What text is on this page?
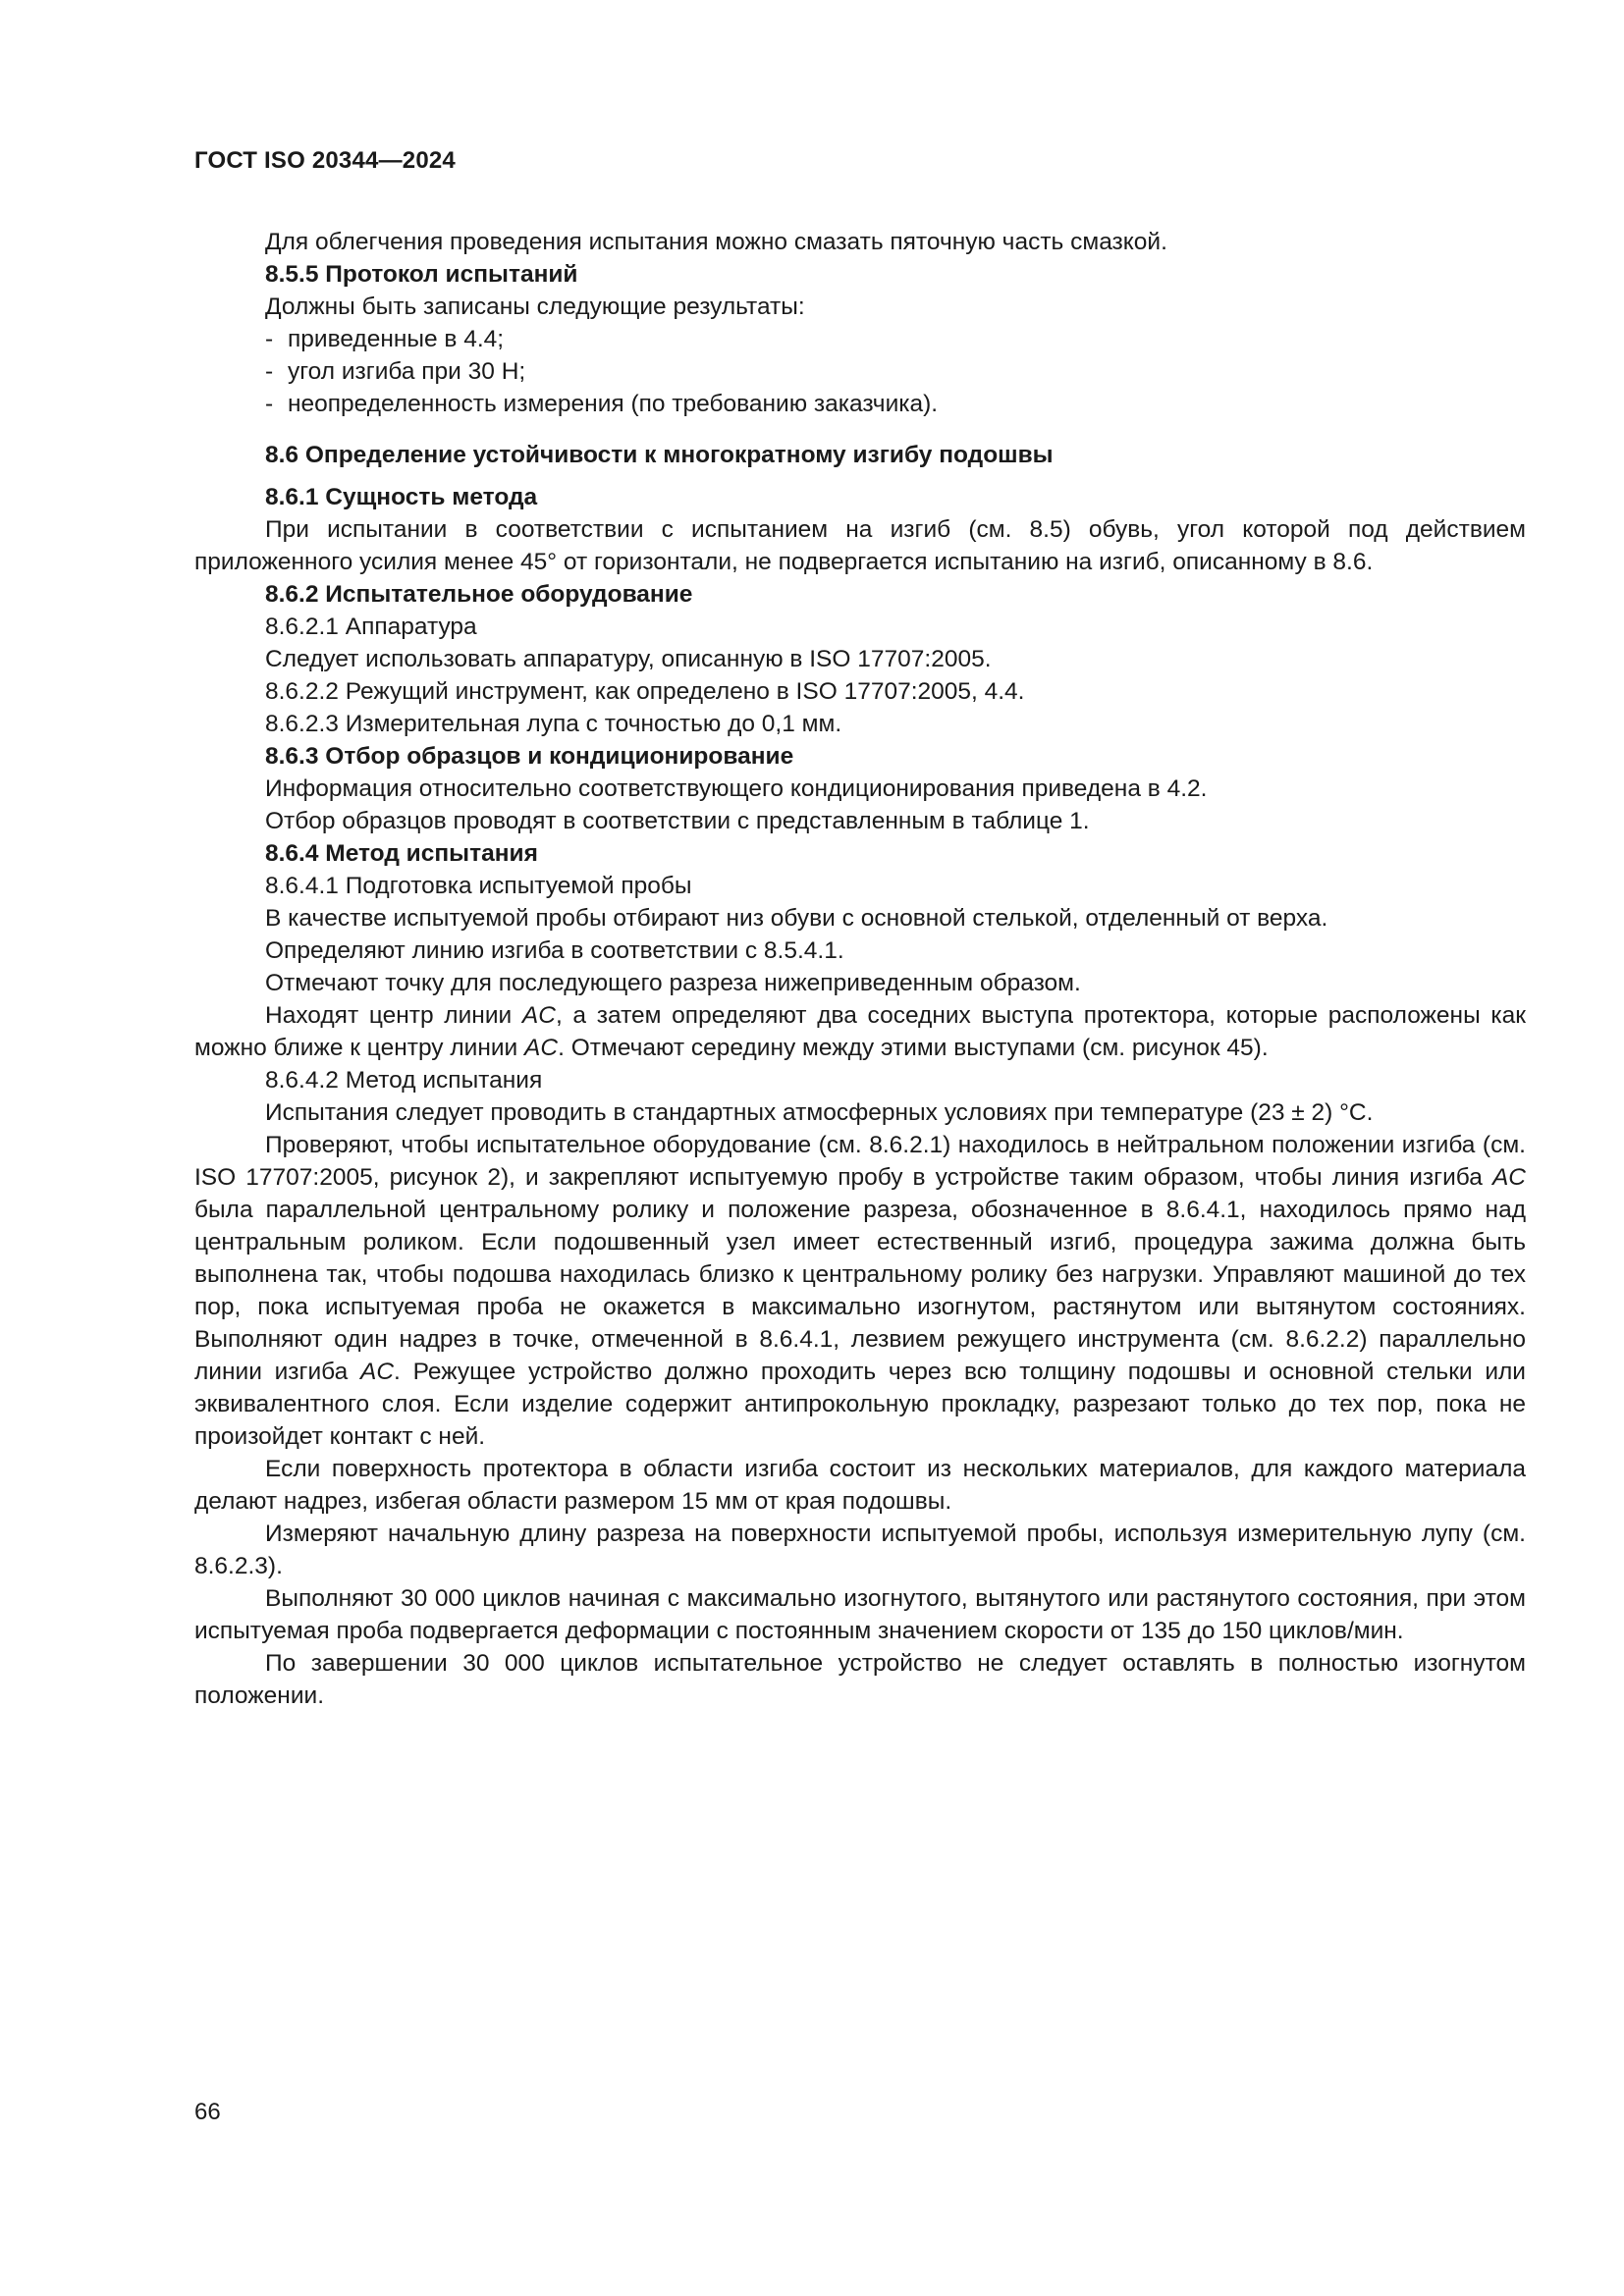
ГОСТ ISO 20344—2024

Для облегчения проведения испытания можно смазать пяточную часть смазкой.

8.5.5 Протокол испытаний

Должны быть записаны следующие результаты:

- приведенные в 4.4;
- угол изгиба при 30 Н;
- неопределенность измерения (по требованию заказчика).

8.6 Определение устойчивости к многократному изгибу подошвы

8.6.1 Сущность метода

При испытании в соответствии с испытанием на изгиб (см. 8.5) обувь, угол которой под действием приложенного усилия менее 45° от горизонтали, не подвергается испытанию на изгиб, описанному в 8.6.

8.6.2 Испытательное оборудование

8.6.2.1 Аппаратура

Следует использовать аппаратуру, описанную в ISO 17707:2005.

8.6.2.2 Режущий инструмент, как определено в ISO 17707:2005, 4.4.

8.6.2.3 Измерительная лупа с точностью до 0,1 мм.

8.6.3 Отбор образцов и кондиционирование

Информация относительно соответствующего кондиционирования приведена в 4.2.

Отбор образцов проводят в соответствии с представленным в таблице 1.

8.6.4 Метод испытания

8.6.4.1 Подготовка испытуемой пробы

В качестве испытуемой пробы отбирают низ обуви с основной стелькой, отделенный от верха.

Определяют линию изгиба в соответствии с 8.5.4.1.

Отмечают точку для последующего разреза нижеприведенным образом.

Находят центр линии AC, а затем определяют два соседних выступа протектора, которые расположены как можно ближе к центру линии AC. Отмечают середину между этими выступами (см. рисунок 45).

8.6.4.2 Метод испытания

Испытания следует проводить в стандартных атмосферных условиях при температуре (23 ± 2) °C.

Проверяют, чтобы испытательное оборудование (см. 8.6.2.1) находилось в нейтральном положении изгиба (см. ISO 17707:2005, рисунок 2), и закрепляют испытуемую пробу в устройстве таким образом, чтобы линия изгиба AC была параллельной центральному ролику и положение разреза, обозначенное в 8.6.4.1, находилось прямо над центральным роликом. Если подошвенный узел имеет естественный изгиб, процедура зажима должна быть выполнена так, чтобы подошва находилась близко к центральному ролику без нагрузки. Управляют машиной до тех пор, пока испытуемая проба не окажется в максимально изогнутом, растянутом или вытянутом состояниях. Выполняют один надрез в точке, отмеченной в 8.6.4.1, лезвием режущего инструмента (см. 8.6.2.2) параллельно линии изгиба AC. Режущее устройство должно проходить через всю толщину подошвы и основной стельки или эквивалентного слоя. Если изделие содержит антипрокольную прокладку, разрезают только до тех пор, пока не произойдет контакт с ней.

Если поверхность протектора в области изгиба состоит из нескольких материалов, для каждого материала делают надрез, избегая области размером 15 мм от края подошвы.

Измеряют начальную длину разреза на поверхности испытуемой пробы, используя измерительную лупу (см. 8.6.2.3).

Выполняют 30 000 циклов начиная с максимально изогнутого, вытянутого или растянутого состояния, при этом испытуемая проба подвергается деформации с постоянным значением скорости от 135 до 150 циклов/мин.

По завершении 30 000 циклов испытательное устройство не следует оставлять в полностью изогнутом положении.

66
